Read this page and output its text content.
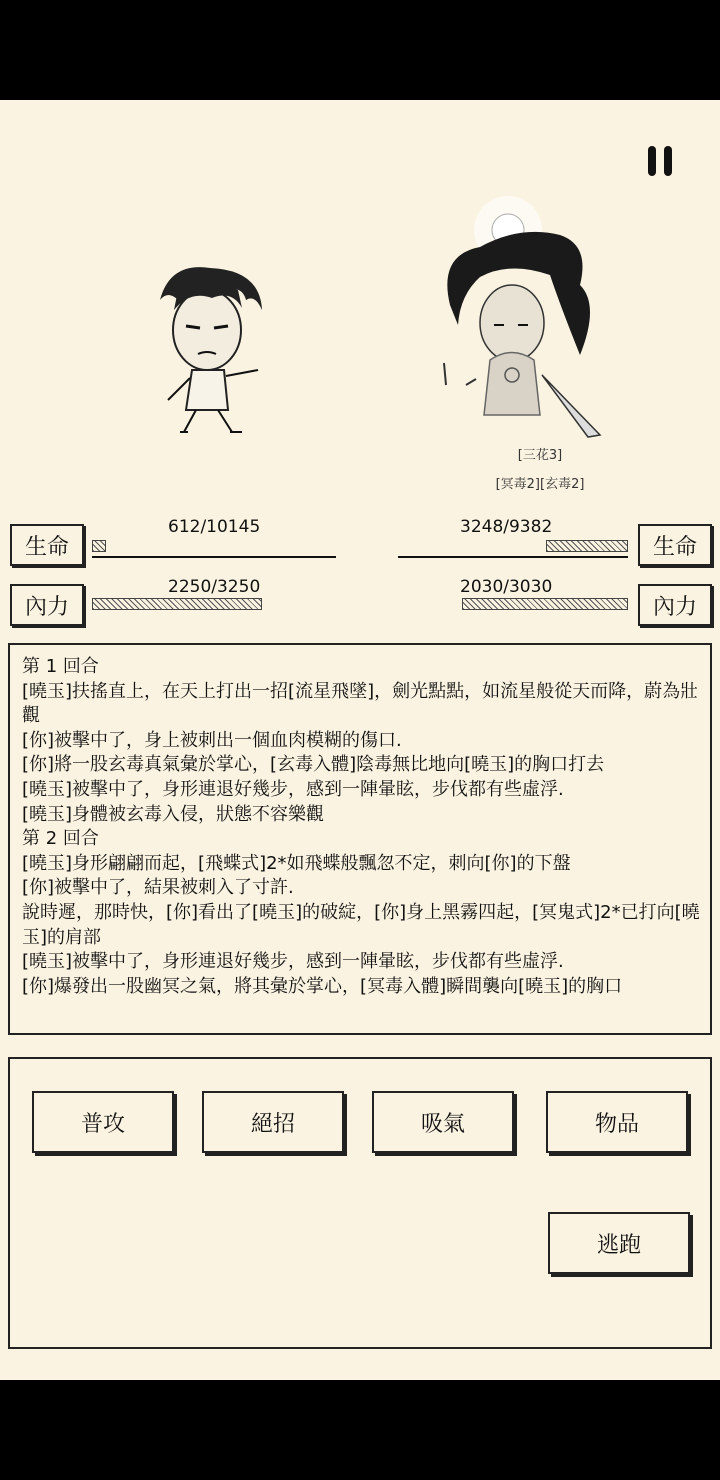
[三花3]
[冥毒2][玄毒2]
生命
612/10145
內力
2250/3250
生命
3248/9382
內力
2030/3030
第 1 回合
[曉玉]扶搖直上，在天上打出一招[流星飛墜]，劍光點點，如流星般從天而降，蔚為壯觀
[你]被擊中了，身上被刺出一個血肉模糊的傷口.
[你]將一股玄毒真氣彙於掌心，[玄毒入體]陰毒無比地向[曉玉]的胸口打去
[曉玉]被擊中了，身形連退好幾步，感到一陣暈眩，步伐都有些虛浮.
[曉玉]身體被玄毒入侵，狀態不容樂觀
第 2 回合
[曉玉]身形翩翩而起，[飛蝶式]2*如飛蝶般飄忽不定，刺向[你]的下盤
[你]被擊中了，結果被刺入了寸許.
說時遲，那時快，[你]看出了[曉玉]的破綻，[你]身上黑霧四起，[冥鬼式]2*已打向[曉玉]的肩部
[曉玉]被擊中了，身形連退好幾步，感到一陣暈眩，步伐都有些虛浮.
[你]爆發出一股幽冥之氣，將其彙於掌心，[冥毒入體]瞬間襲向[曉玉]的胸口
普攻	絕招	吸氣	物品
逃跑
